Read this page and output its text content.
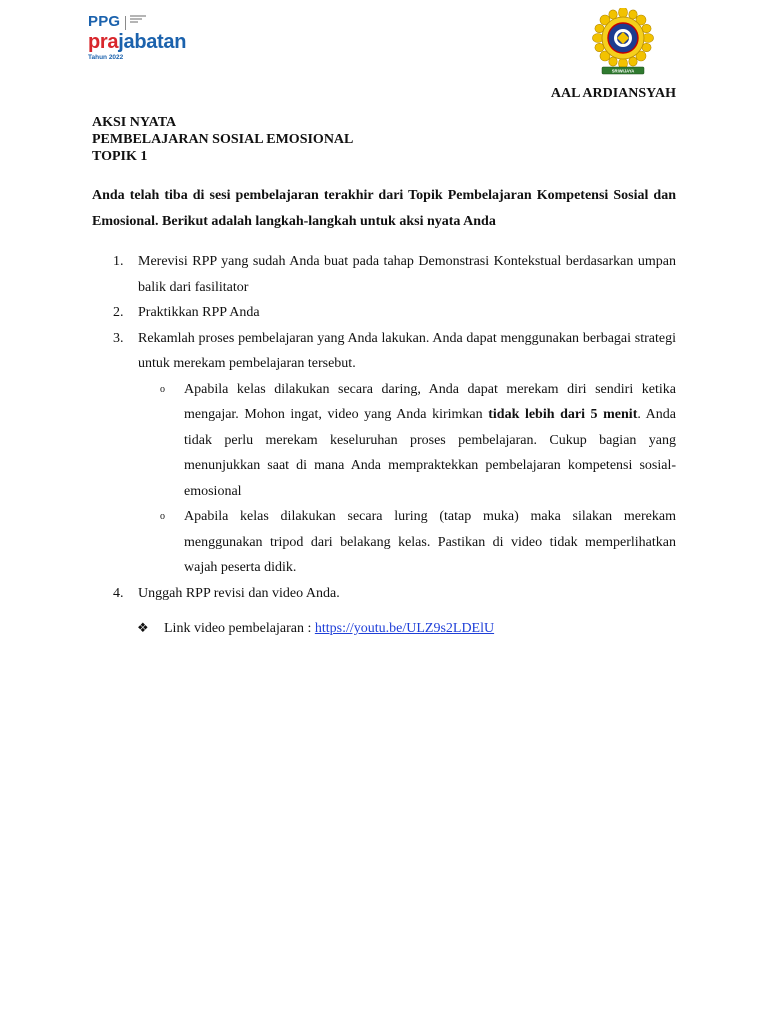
PPG
prajabatan
Tahun 2022
SRIWIJAYA
AAL ARDIANSYAH
AKSI NYATA
PEMBELAJARAN SOSIAL EMOSIONAL
TOPIK 1
Anda telah tiba di sesi pembelajaran terakhir dari Topik Pembelajaran Kompetensi Sosial dan Emosional. Berikut adalah langkah-langkah untuk aksi nyata Anda
1. Merevisi RPP yang sudah Anda buat pada tahap Demonstrasi Kontekstual berdasarkan umpan balik dari fasilitator
2. Praktikkan RPP Anda
3. Rekamlah proses pembelajaran yang Anda lakukan. Anda dapat menggunakan berbagai strategi untuk merekam pembelajaran tersebut.
o Apabila kelas dilakukan secara daring, Anda dapat merekam diri sendiri ketika mengajar. Mohon ingat, video yang Anda kirimkan tidak lebih dari 5 menit. Anda tidak perlu merekam keseluruhan proses pembelajaran. Cukup bagian yang menunjukkan saat di mana Anda mempraktekkan pembelajaran kompetensi sosial- emosional
o Apabila kelas dilakukan secara luring (tatap muka) maka silakan merekam menggunakan tripod dari belakang kelas. Pastikan di video tidak memperlihatkan wajah peserta didik.
4. Unggah RPP revisi dan video Anda.
❖ Link video pembelajaran : https://youtu.be/ULZ9s2LDElU
